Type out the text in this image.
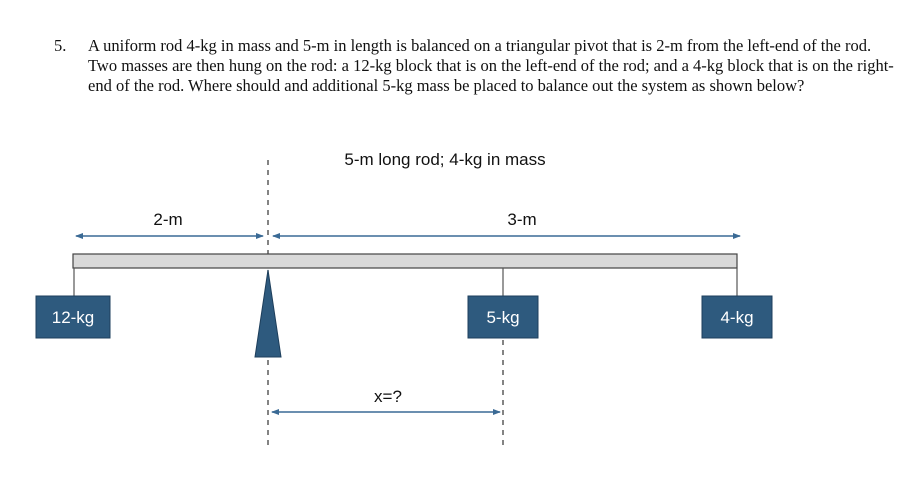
5. A uniform rod 4-kg in mass and 5-m in length is balanced on a triangular pivot that is 2-m from the left-end of the rod. Two masses are then hung on the rod: a 12-kg block that is on the left-end of the rod; and a 4-kg block that is on the right-end of the rod. Where should and additional 5-kg mass be placed to balance out the system as shown below?
5-m long rod; 4-kg in mass
2-m	3-m
12-kg	5-kg	4-kg
x=?
